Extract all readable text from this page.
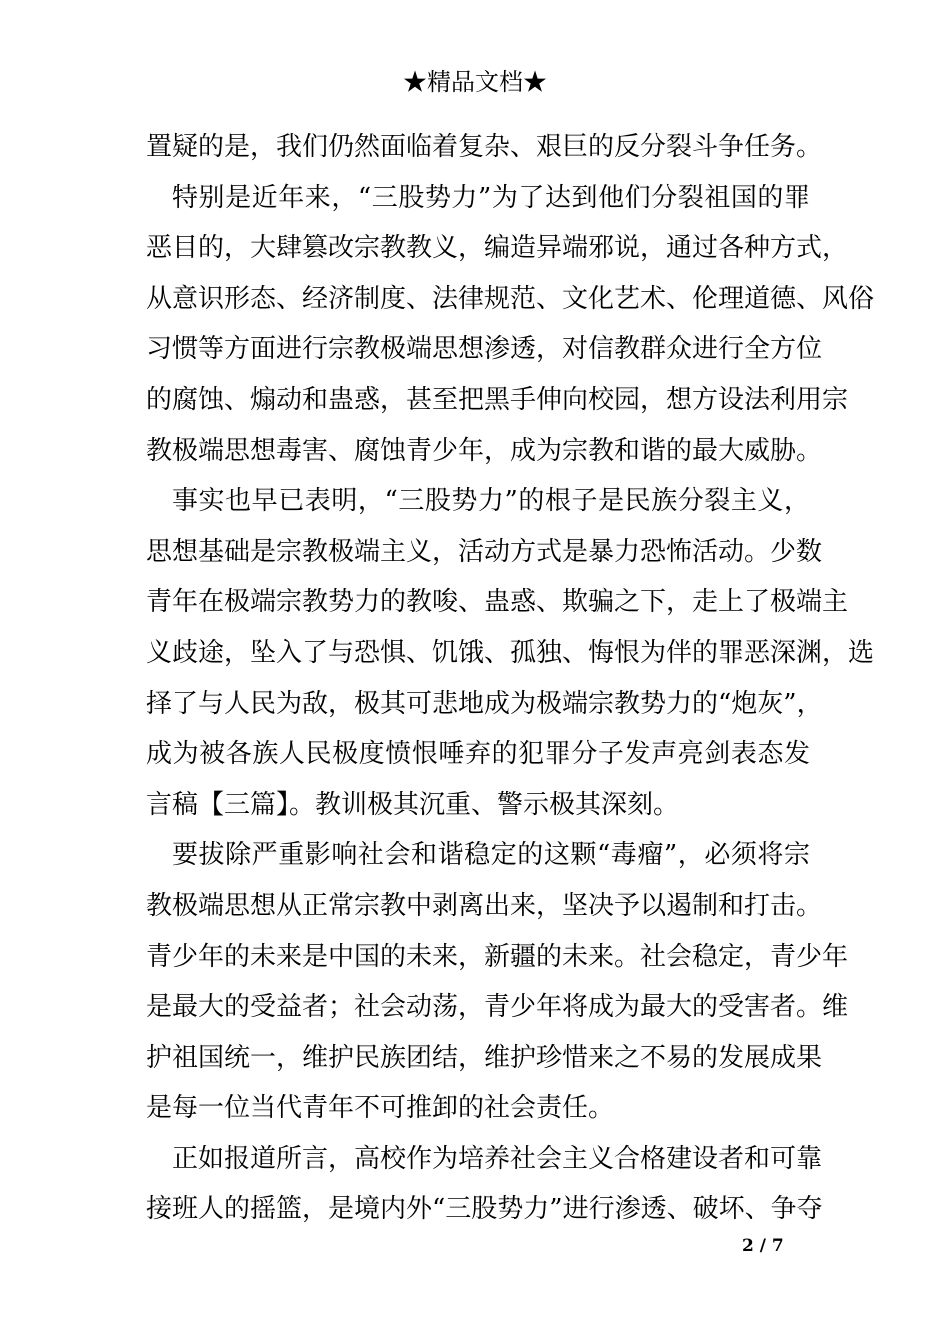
★精品文档★
置疑的是，我们仍然面临着复杂、艰巨的反分裂斗争任务。
特别是近年来，“三股势力”为了达到他们分裂祖国的罪
恶目的，大肆篡改宗教教义，编造异端邪说，通过各种方式，
从意识形态、经济制度、法律规范、文化艺术、伦理道德、风俗
习惯等方面进行宗教极端思想渗透，对信教群众进行全方位
的腐蚀、煽动和蛊惑，甚至把黑手伸向校园，想方设法利用宗
教极端思想毒害、腐蚀青少年，成为宗教和谐的最大威胁。
事实也早已表明，“三股势力”的根子是民族分裂主义，
思想基础是宗教极端主义，活动方式是暴力恐怖活动。少数
青年在极端宗教势力的教唆、蛊惑、欺骗之下，走上了极端主
义歧途，坠入了与恐惧、饥饿、孤独、悔恨为伴的罪恶深渊，选
择了与人民为敌，极其可悲地成为极端宗教势力的“炮灰”，
成为被各族人民极度愤恨唾弃的犯罪分子发声亮剑表态发
言稿【三篇】。教训极其沉重、警示极其深刻。
要拔除严重影响社会和谐稳定的这颗“毒瘤”，必须将宗
教极端思想从正常宗教中剥离出来，坚决予以遏制和打击。
青少年的未来是中国的未来，新疆的未来。社会稳定，青少年
是最大的受益者；社会动荡，青少年将成为最大的受害者。维
护祖国统一，维护民族团结，维护珍惜来之不易的发展成果
是每一位当代青年不可推卸的社会责任。
正如报道所言，高校作为培养社会主义合格建设者和可靠
接班人的摇篮，是境内外“三股势力”进行渗透、破坏、争夺
2 / 7
